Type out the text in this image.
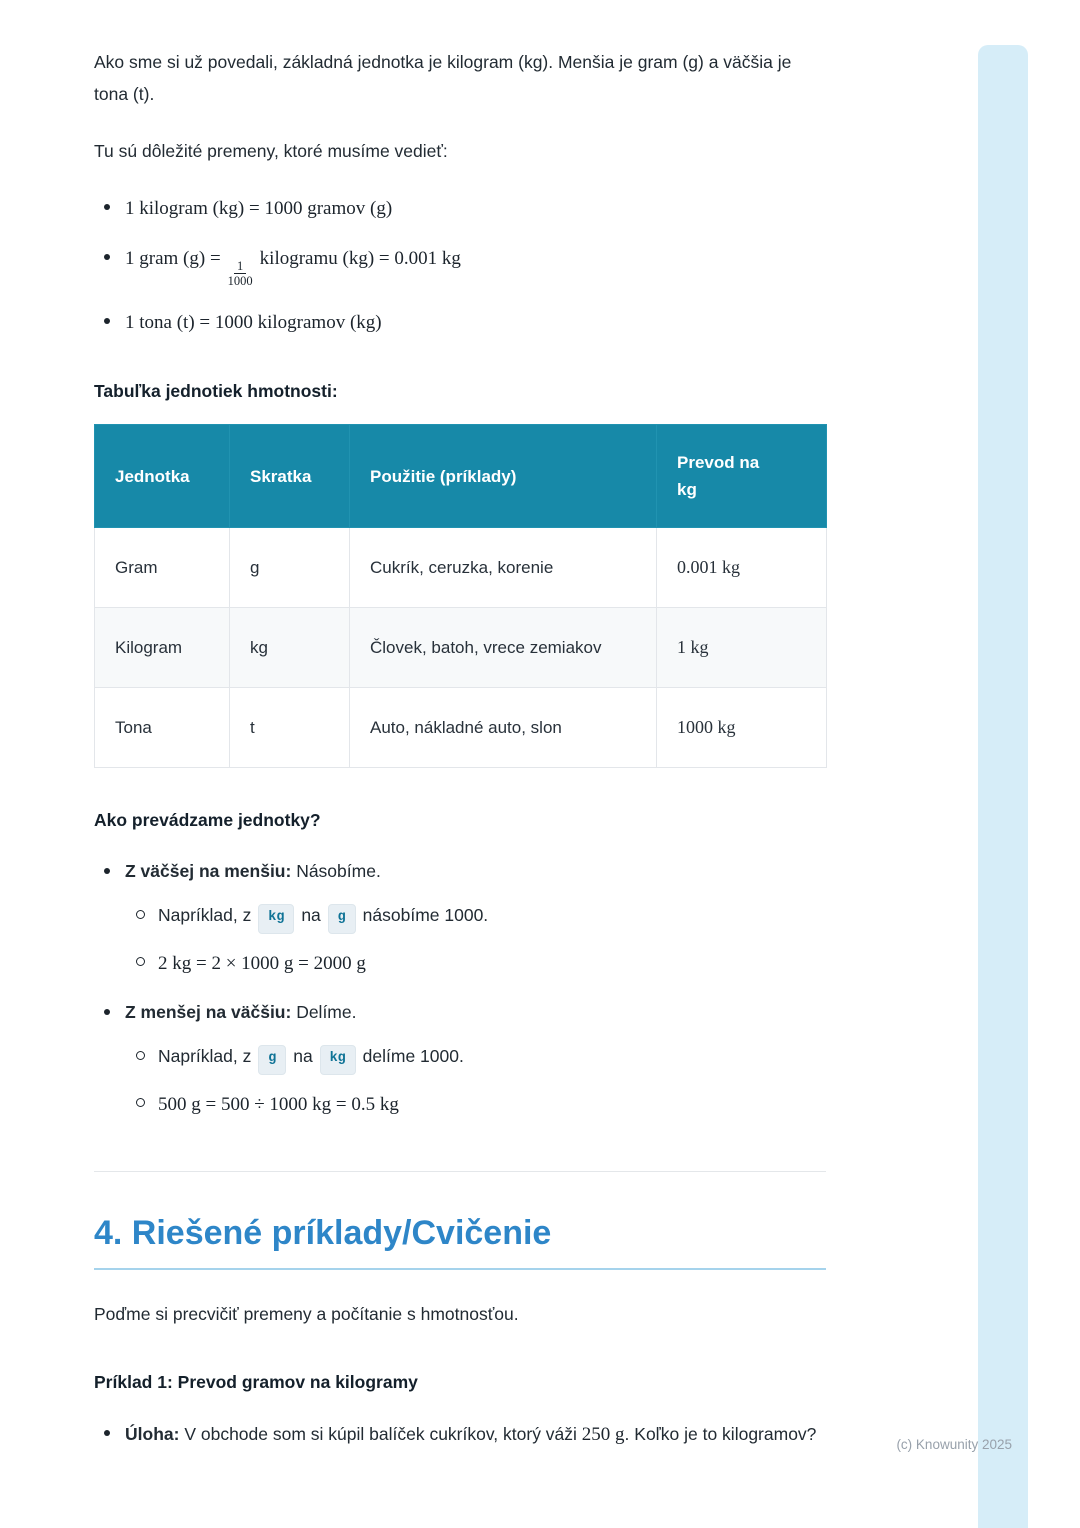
Ako sme si už povedali, základná jednotka je kilogram (kg). Menšia je gram (g) a väčšia je tona (t).

Tu sú dôležité premeny, ktoré musíme vedieť:

1 kilogram (kg) = 1000 gramov (g)
1 gram (g) =
$\frac{1}{1000}$
kilogramu (kg) = 0.001 kg
1 tona (t) = 1000 kilogramov (kg)
Tabuľka jednotiek hmotnosti:
Jednotka	Skratka	Použitie (príklady)	Prevod na kg
Gram	g	Cukrík, ceruzka, korenie	0.001 kg
Kilogram	kg	Človek, batoh, vrece zemiakov	1 kg
Tona	t	Auto, nákladné auto, slon	1000 kg
Ako prevádzame jednotky?

Z väčšej na menšiu: Násobíme.

Napríklad, z kg na g násobíme 1000.
2 kg = 2 × 1000 g = 2000 g

Z menšej na väčšiu: Delíme.

Napríklad, z g na kg delíme 1000.
500 g = 500 ÷ 1000 kg = 0.5 kg
4. Riešené príklady/Cvičenie

Poďme si precvičiť premeny a počítanie s hmotnosťou.

Príklad 1: Prevod gramov na kilogramy

Úloha: V obchode som si kúpil balíček cukríkov, ktorý váži 250 g. Koľko je to kilogramov?

(c) Knowunity 2025
